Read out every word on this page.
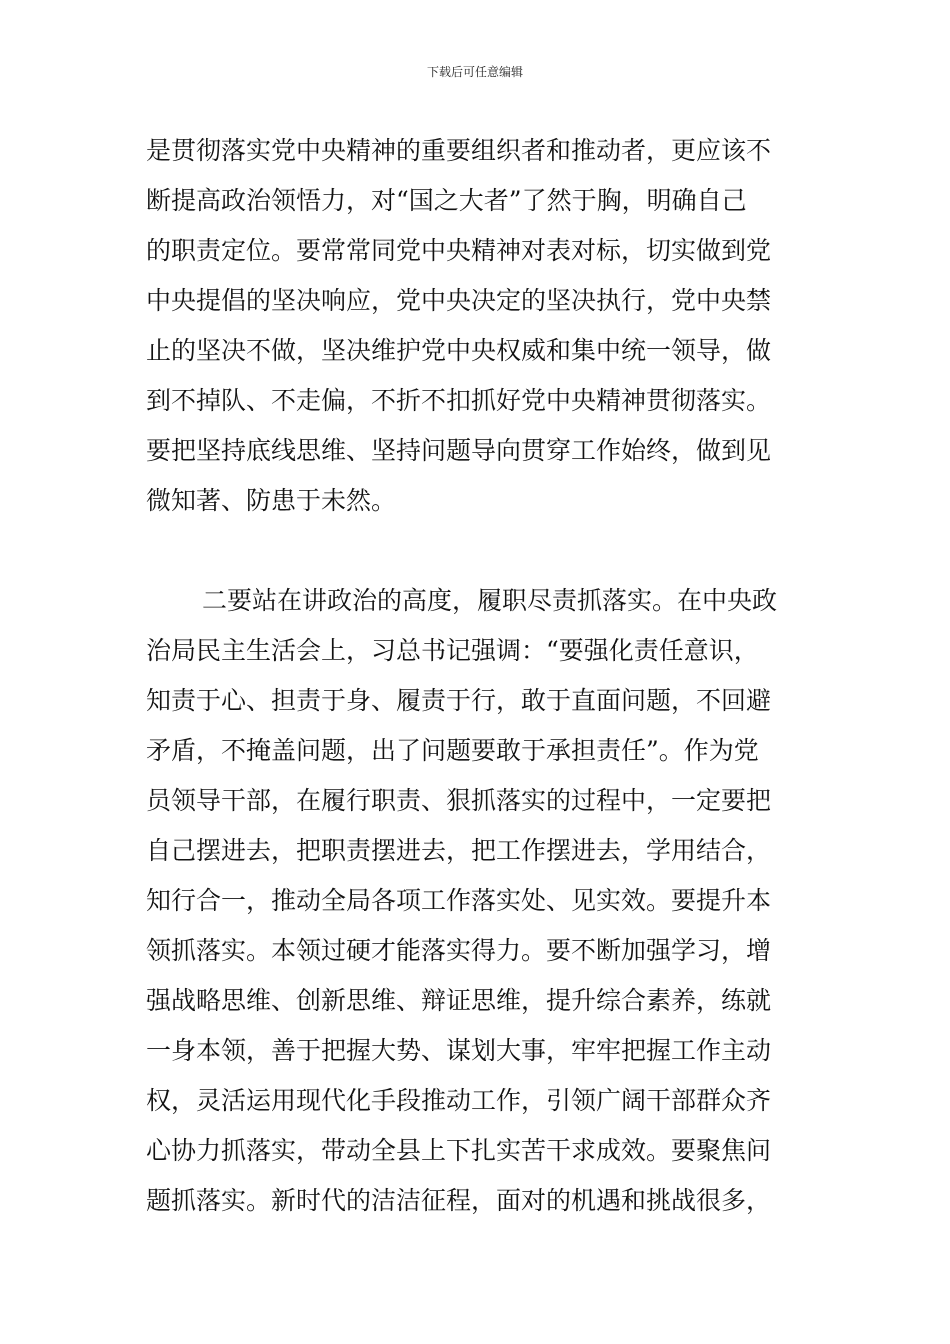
下载后可任意编辑
是贯彻落实党中央精神的重要组织者和推动者，更应该不
断提高政治领悟力，对“国之大者”了然于胸，明确自己
的职责定位。要常常同党中央精神对表对标，切实做到党
中央提倡的坚决响应，党中央决定的坚决执行，党中央禁
止的坚决不做，坚决维护党中央权威和集中统一领导，做
到不掉队、不走偏，不折不扣抓好党中央精神贯彻落实。
要把坚持底线思维、坚持问题导向贯穿工作始终，做到见
微知著、防患于未然。
二要站在讲政治的高度，履职尽责抓落实。在中央政
治局民主生活会上，习总书记强调：“要强化责任意识，
知责于心、担责于身、履责于行，敢于直面问题，不回避
矛盾，不掩盖问题，出了问题要敢于承担责任”。作为党
员领导干部，在履行职责、狠抓落实的过程中，一定要把
自己摆进去，把职责摆进去，把工作摆进去，学用结合，
知行合一，推动全局各项工作落实处、见实效。要提升本
领抓落实。本领过硬才能落实得力。要不断加强学习，增
强战略思维、创新思维、辩证思维，提升综合素养，练就
一身本领，善于把握大势、谋划大事，牢牢把握工作主动
权，灵活运用现代化手段推动工作，引领广阔干部群众齐
心协力抓落实，带动全县上下扎实苦干求成效。要聚焦问
题抓落实。新时代的洁洁征程，面对的机遇和挑战很多，
